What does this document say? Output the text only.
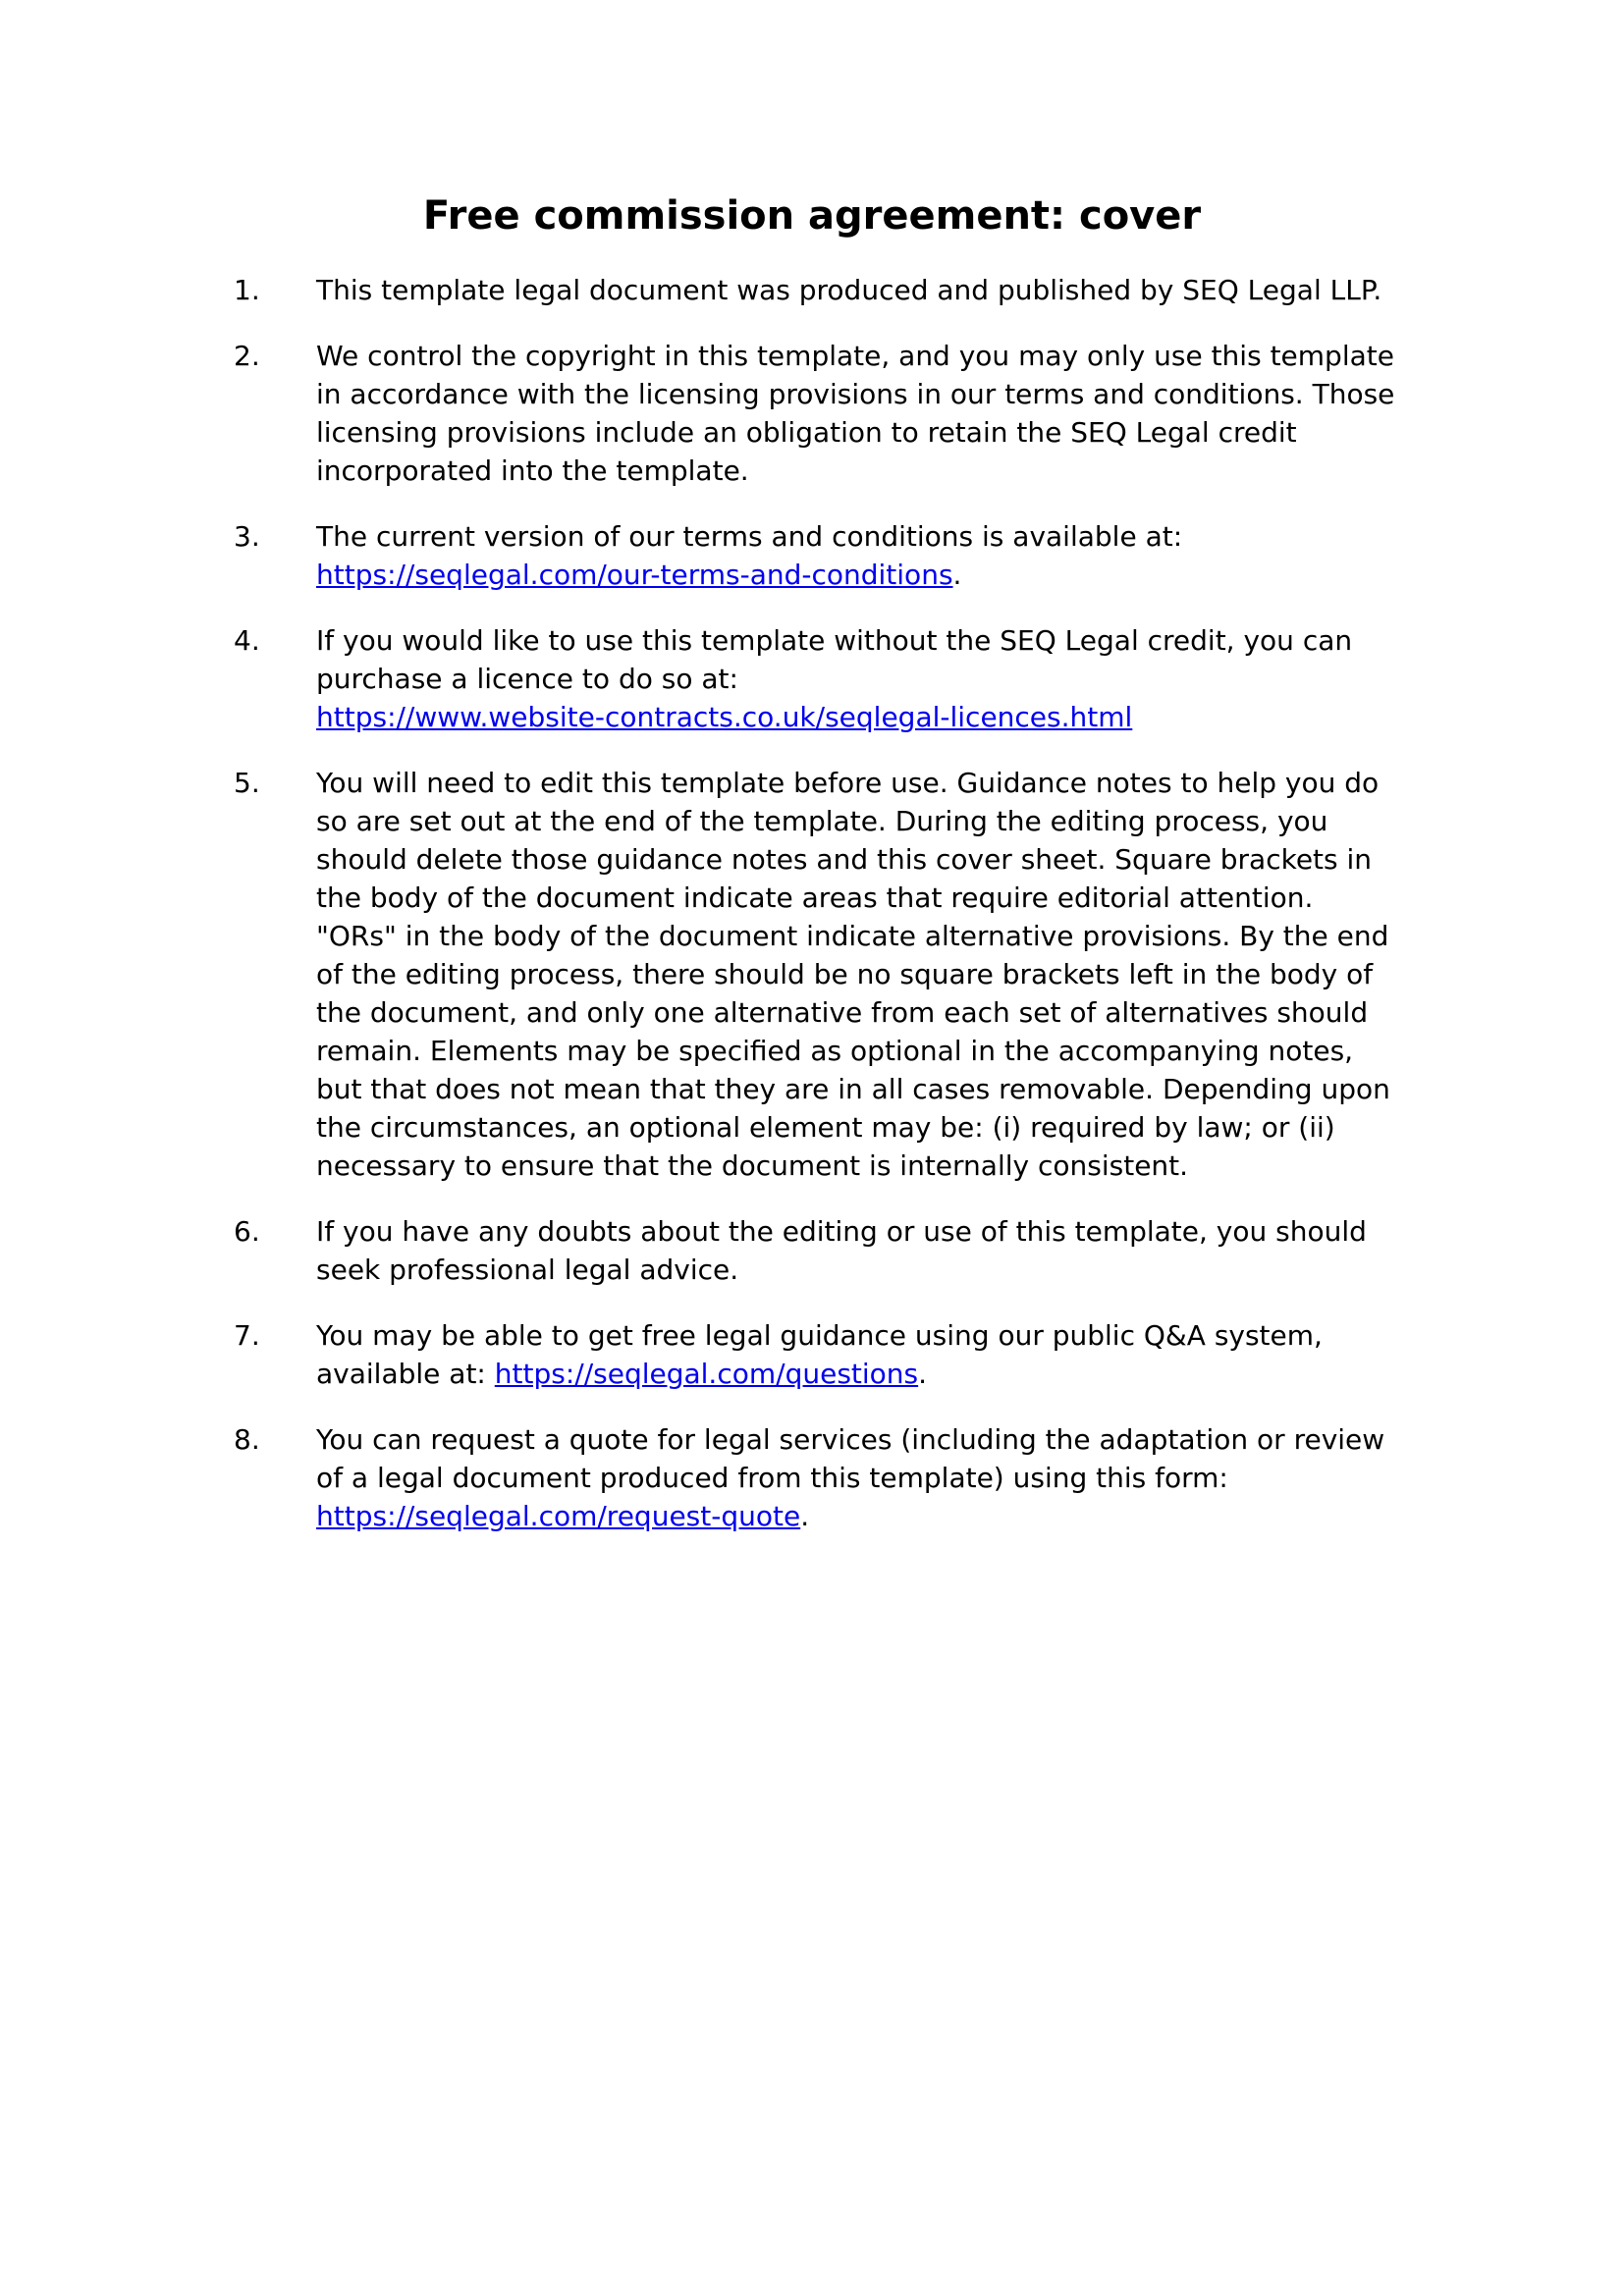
Free commission agreement: cover
1. This template legal document was produced and published by SEQ Legal LLP.
2. We control the copyright in this template, and you may only use this template
in accordance with the licensing provisions in our terms and conditions. Those
licensing provisions include an obligation to retain the SEQ Legal credit
incorporated into the template.
3. The current version of our terms and conditions is available at:
https://seqlegal.com/our-terms-and-conditions.
4. If you would like to use this template without the SEQ Legal credit, you can
purchase a licence to do so at:
https://www.website-contracts.co.uk/seqlegal-licences.html
5. You will need to edit this template before use. Guidance notes to help you do
so are set out at the end of the template. During the editing process, you
should delete those guidance notes and this cover sheet. Square brackets in
the body of the document indicate areas that require editorial attention.
"ORs" in the body of the document indicate alternative provisions. By the end
of the editing process, there should be no square brackets left in the body of
the document, and only one alternative from each set of alternatives should
remain. Elements may be specified as optional in the accompanying notes,
but that does not mean that they are in all cases removable. Depending upon
the circumstances, an optional element may be: (i) required by law; or (ii)
necessary to ensure that the document is internally consistent.
6. If you have any doubts about the editing or use of this template, you should
seek professional legal advice.
7. You may be able to get free legal guidance using our public Q&A system,
available at: https://seqlegal.com/questions.
8. You can request a quote for legal services (including the adaptation or review
of a legal document produced from this template) using this form:
https://seqlegal.com/request-quote.
